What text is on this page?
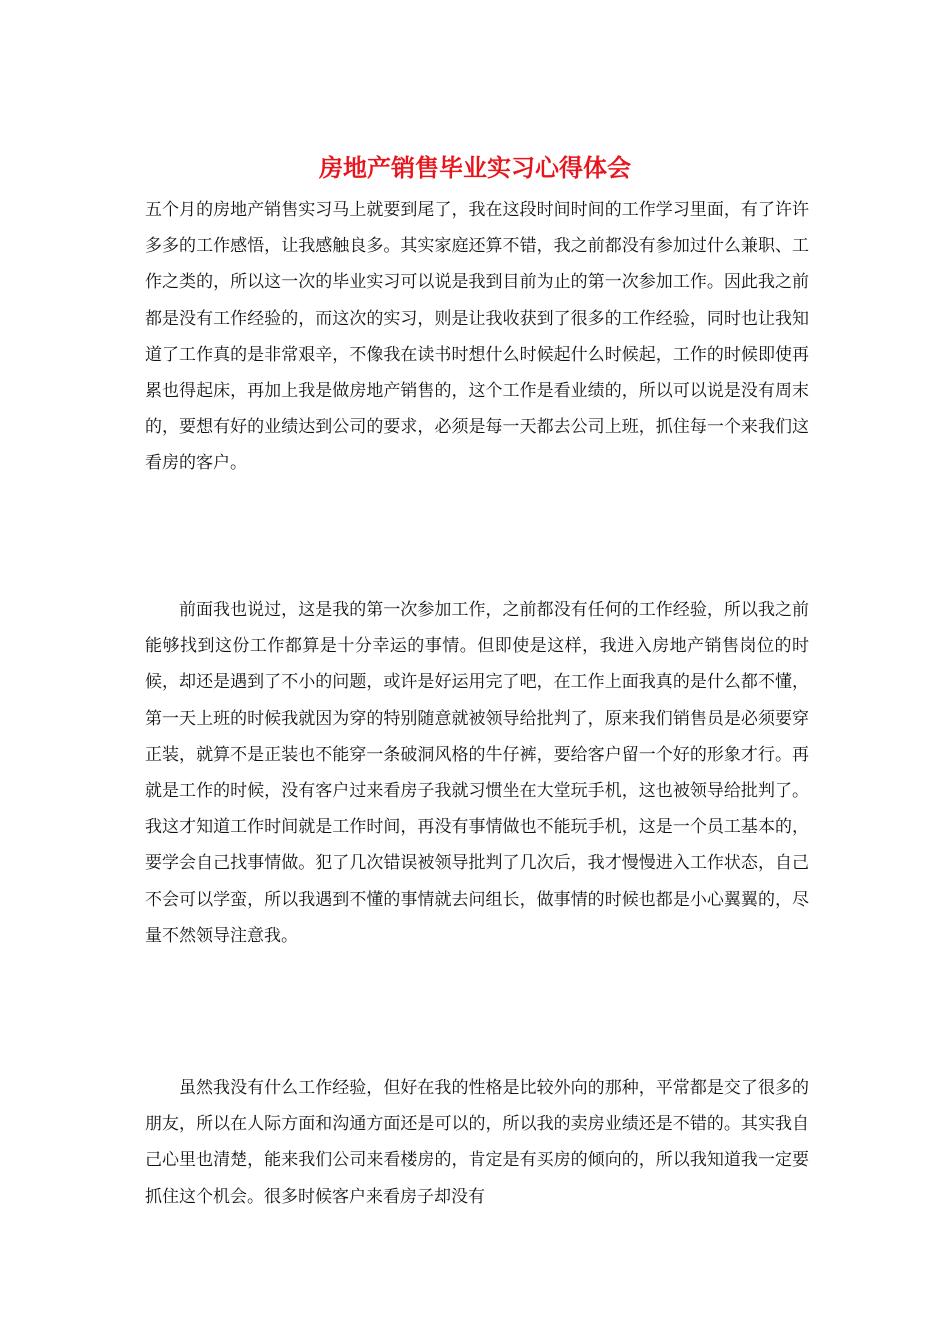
房地产销售毕业实习心得体会

五个月的房地产销售实习马上就要到尾了，我在这段时间时间的工作学习里面，有了许许多多的工作感悟，让我感触良多。其实家庭还算不错，我之前都没有参加过什么兼职、工作之类的，所以这一次的毕业实习可以说是我到目前为止的第一次参加工作。因此我之前都是没有工作经验的，而这次的实习，则是让我收获到了很多的工作经验，同时也让我知道了工作真的是非常艰辛，不像我在读书时想什么时候起什么时候起，工作的时候即使再累也得起床，再加上我是做房地产销售的，这个工作是看业绩的，所以可以说是没有周末的，要想有好的业绩达到公司的要求，必须是每一天都去公司上班，抓住每一个来我们这看房的客户。

前面我也说过，这是我的第一次参加工作，之前都没有任何的工作经验，所以我之前能够找到这份工作都算是十分幸运的事情。但即使是这样，我进入房地产销售岗位的时候，却还是遇到了不小的问题，或许是好运用完了吧，在工作上面我真的是什么都不懂，第一天上班的时候我就因为穿的特别随意就被领导给批判了，原来我们销售员是必须要穿正装，就算不是正装也不能穿一条破洞风格的牛仔裤，要给客户留一个好的形象才行。再就是工作的时候，没有客户过来看房子我就习惯坐在大堂玩手机，这也被领导给批判了。我这才知道工作时间就是工作时间，再没有事情做也不能玩手机，这是一个员工基本的，要学会自己找事情做。犯了几次错误被领导批判了几次后，我才慢慢进入工作状态，自己不会可以学蛮，所以我遇到不懂的事情就去问组长，做事情的时候也都是小心翼翼的，尽量不然领导注意我。

虽然我没有什么工作经验，但好在我的性格是比较外向的那种，平常都是交了很多的朋友，所以在人际方面和沟通方面还是可以的，所以我的卖房业绩还是不错的。其实我自己心里也清楚，能来我们公司来看楼房的，肯定是有买房的倾向的，所以我知道我一定要抓住这个机会。很多时候客户来看房子却没有
